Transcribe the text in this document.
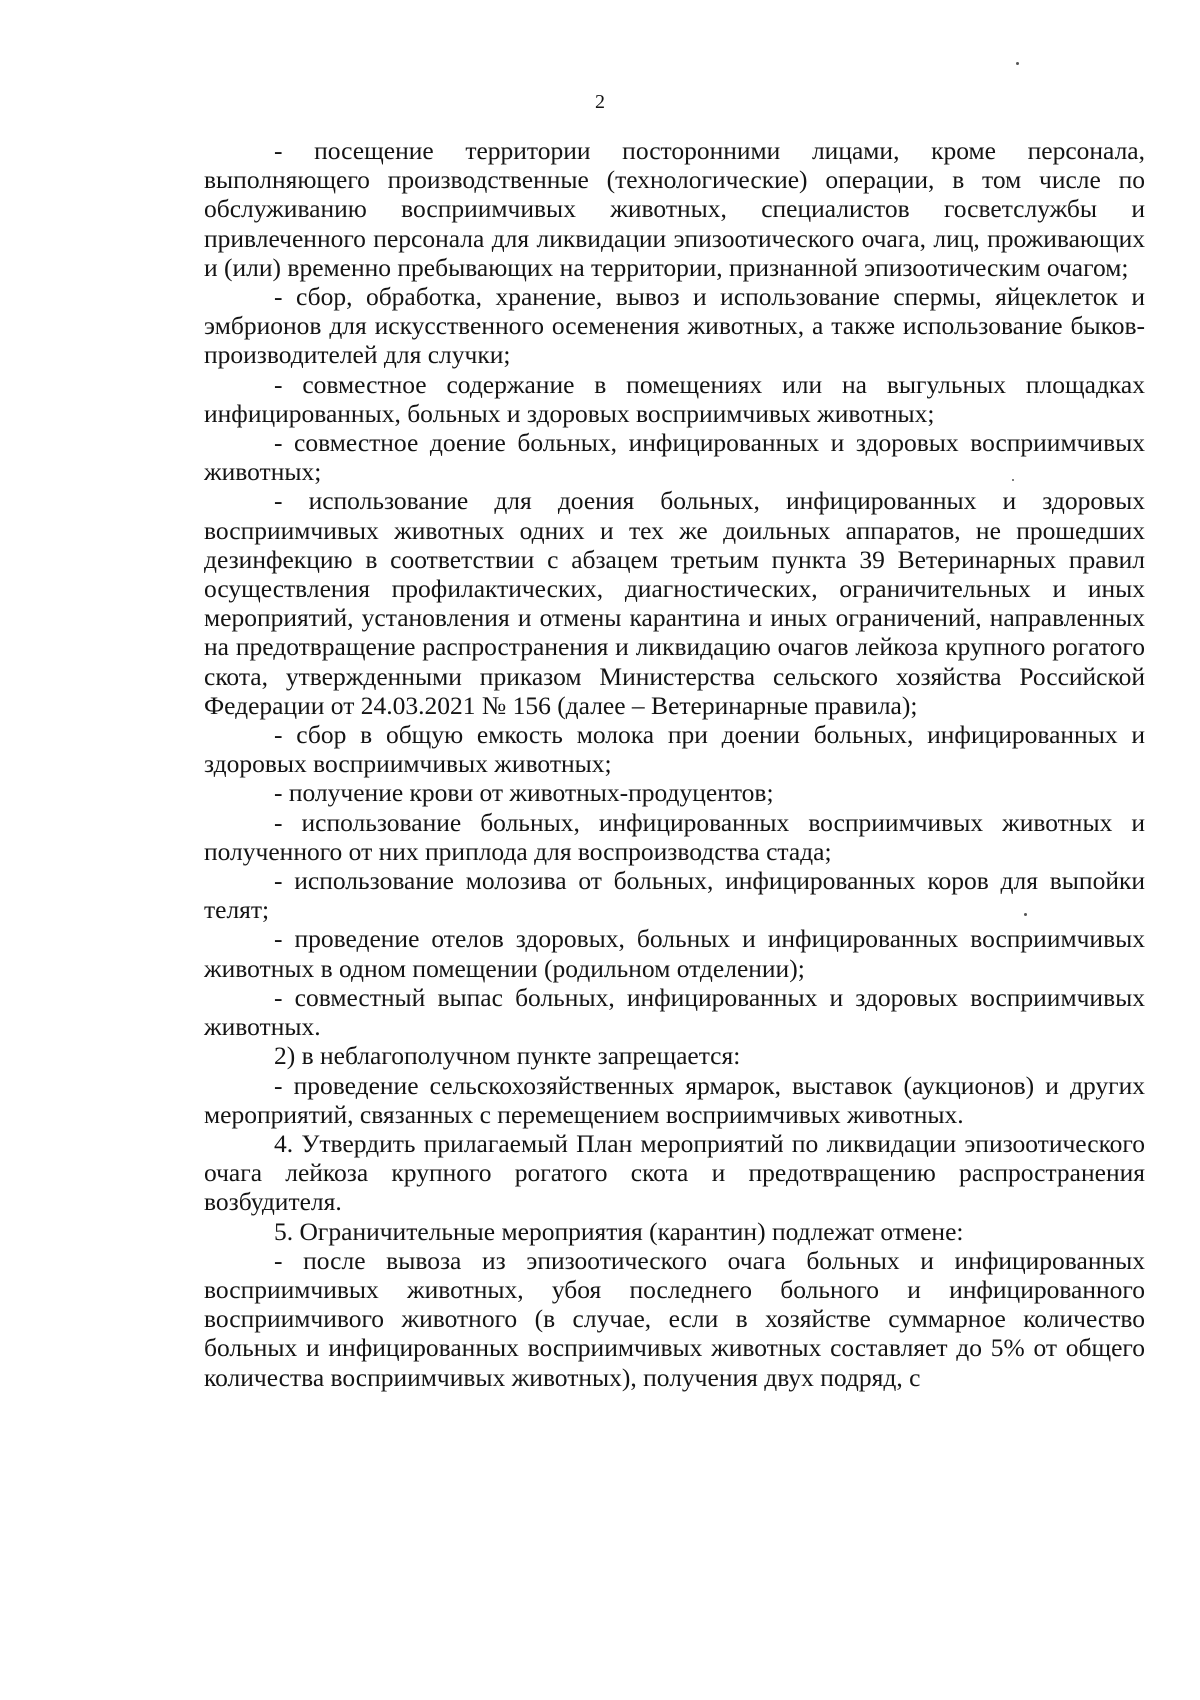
2

- посещение территории посторонними лицами, кроме персонала, выполняющего производственные (технологические) операции, в том числе по обслуживанию восприимчивых животных, специалистов госветслужбы и привлеченного персонала для ликвидации эпизоотического очага, лиц, проживающих и (или) временно пребывающих на территории, признанной эпизоотическим очагом;

- сбор, обработка, хранение, вывоз и использование спермы, яйцеклеток и эмбрионов для искусственного осеменения животных, а также использование быков-производителей для случки;

- совместное содержание в помещениях или на выгульных площадках инфицированных, больных и здоровых восприимчивых животных;

- совместное доение больных, инфицированных и здоровых восприимчивых животных;

- использование для доения больных, инфицированных и здоровых восприимчивых животных одних и тех же доильных аппаратов, не прошедших дезинфекцию в соответствии с абзацем третьим пункта 39 Ветеринарных правил осуществления профилактических, диагностических, ограничительных и иных мероприятий, установления и отмены карантина и иных ограничений, направленных на предотвращение распространения и ликвидацию очагов лейкоза крупного рогатого скота, утвержденными приказом Министерства сельского хозяйства Российской Федерации от 24.03.2021 № 156 (далее – Ветеринарные правила);

- сбор в общую емкость молока при доении больных, инфицированных и здоровых восприимчивых животных;

- получение крови от животных-продуцентов;

- использование больных, инфицированных восприимчивых животных и полученного от них приплода для воспроизводства стада;

- использование молозива от больных, инфицированных коров для выпойки телят;

- проведение отелов здоровых, больных и инфицированных восприимчивых животных в одном помещении (родильном отделении);

- совместный выпас больных, инфицированных и здоровых восприимчивых животных.

2) в неблагополучном пункте запрещается:

- проведение сельскохозяйственных ярмарок, выставок (аукционов) и других мероприятий, связанных с перемещением восприимчивых животных.

4. Утвердить прилагаемый План мероприятий по ликвидации эпизоотического очага лейкоза крупного рогатого скота и предотвращению распространения возбудителя.

5. Ограничительные мероприятия (карантин) подлежат отмене:

- после вывоза из эпизоотического очага больных и инфицированных восприимчивых животных, убоя последнего больного и инфицированного восприимчивого животного (в случае, если в хозяйстве суммарное количество больных и инфицированных восприимчивых животных составляет до 5% от общего количества восприимчивых животных), получения двух подряд, с
